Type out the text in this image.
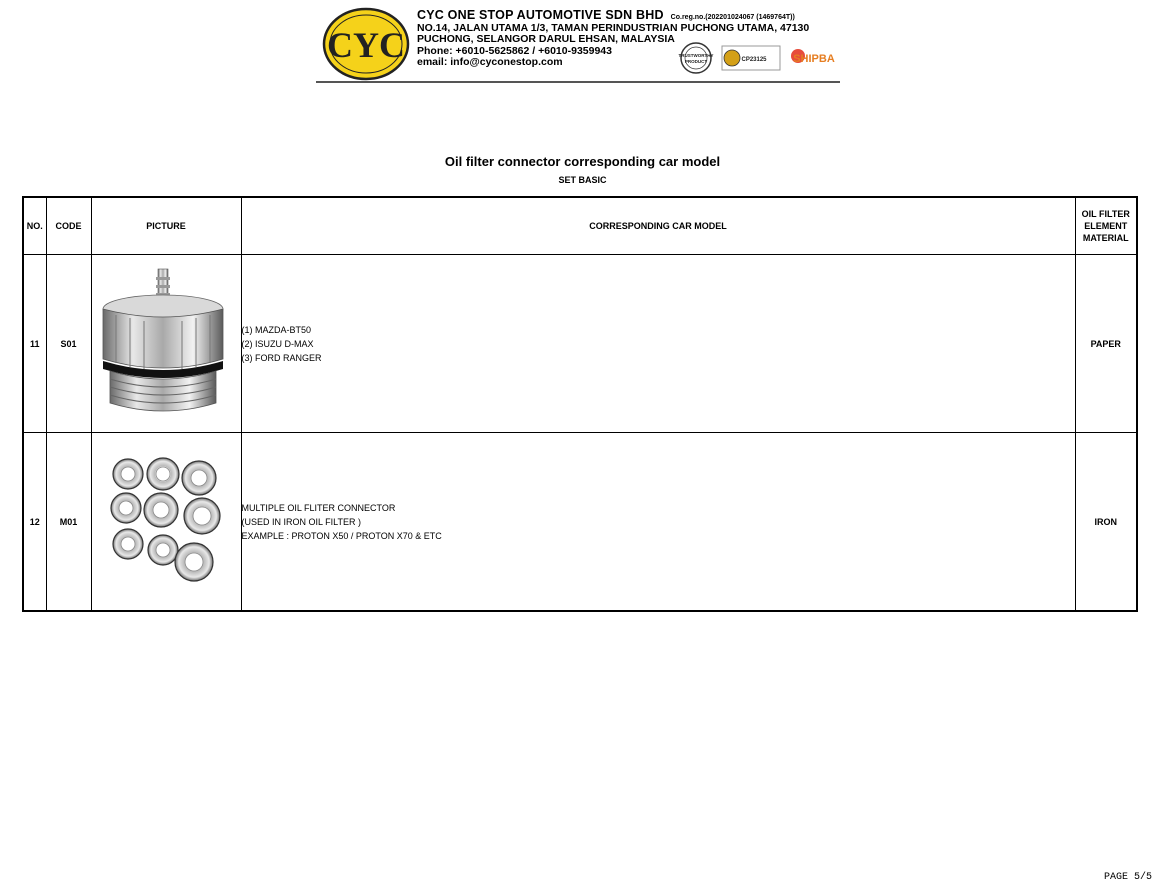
CYC
CYC ONE STOP AUTOMOTIVE SDN BHD Co.reg.no.(202201024067 (1469764T))
NO.14, JALAN UTAMA 1/3, TAMAN PERINDUSTRIAN PUCHONG UTAMA, 47130
PUCHONG, SELANGOR DARUL EHSAN, MALAYSIA
Phone: +6010-5625862 / +6010-9359943
email: info@cyconestop.com
TRUSTWORTHY
PRODUCT	CP23125 SHIPBA
Oil filter connector corresponding car model
SET BASIC
NO.	CODE	PICTURE	CORRESPONDING CAR MODEL	OIL FILTER
ELEMENT
MATERIAL

11	S01		(1) MAZDA-BT50
(2) ISUZU D-MAX
(3) FORD RANGER	PAPER
12	M01		MULTIPLE OIL FLITER CONNECTOR
(USED IN IRON OIL FILTER )
EXAMPLE : PROTON X50 / PROTON X70 & ETC	IRON
PAGE 5/5
